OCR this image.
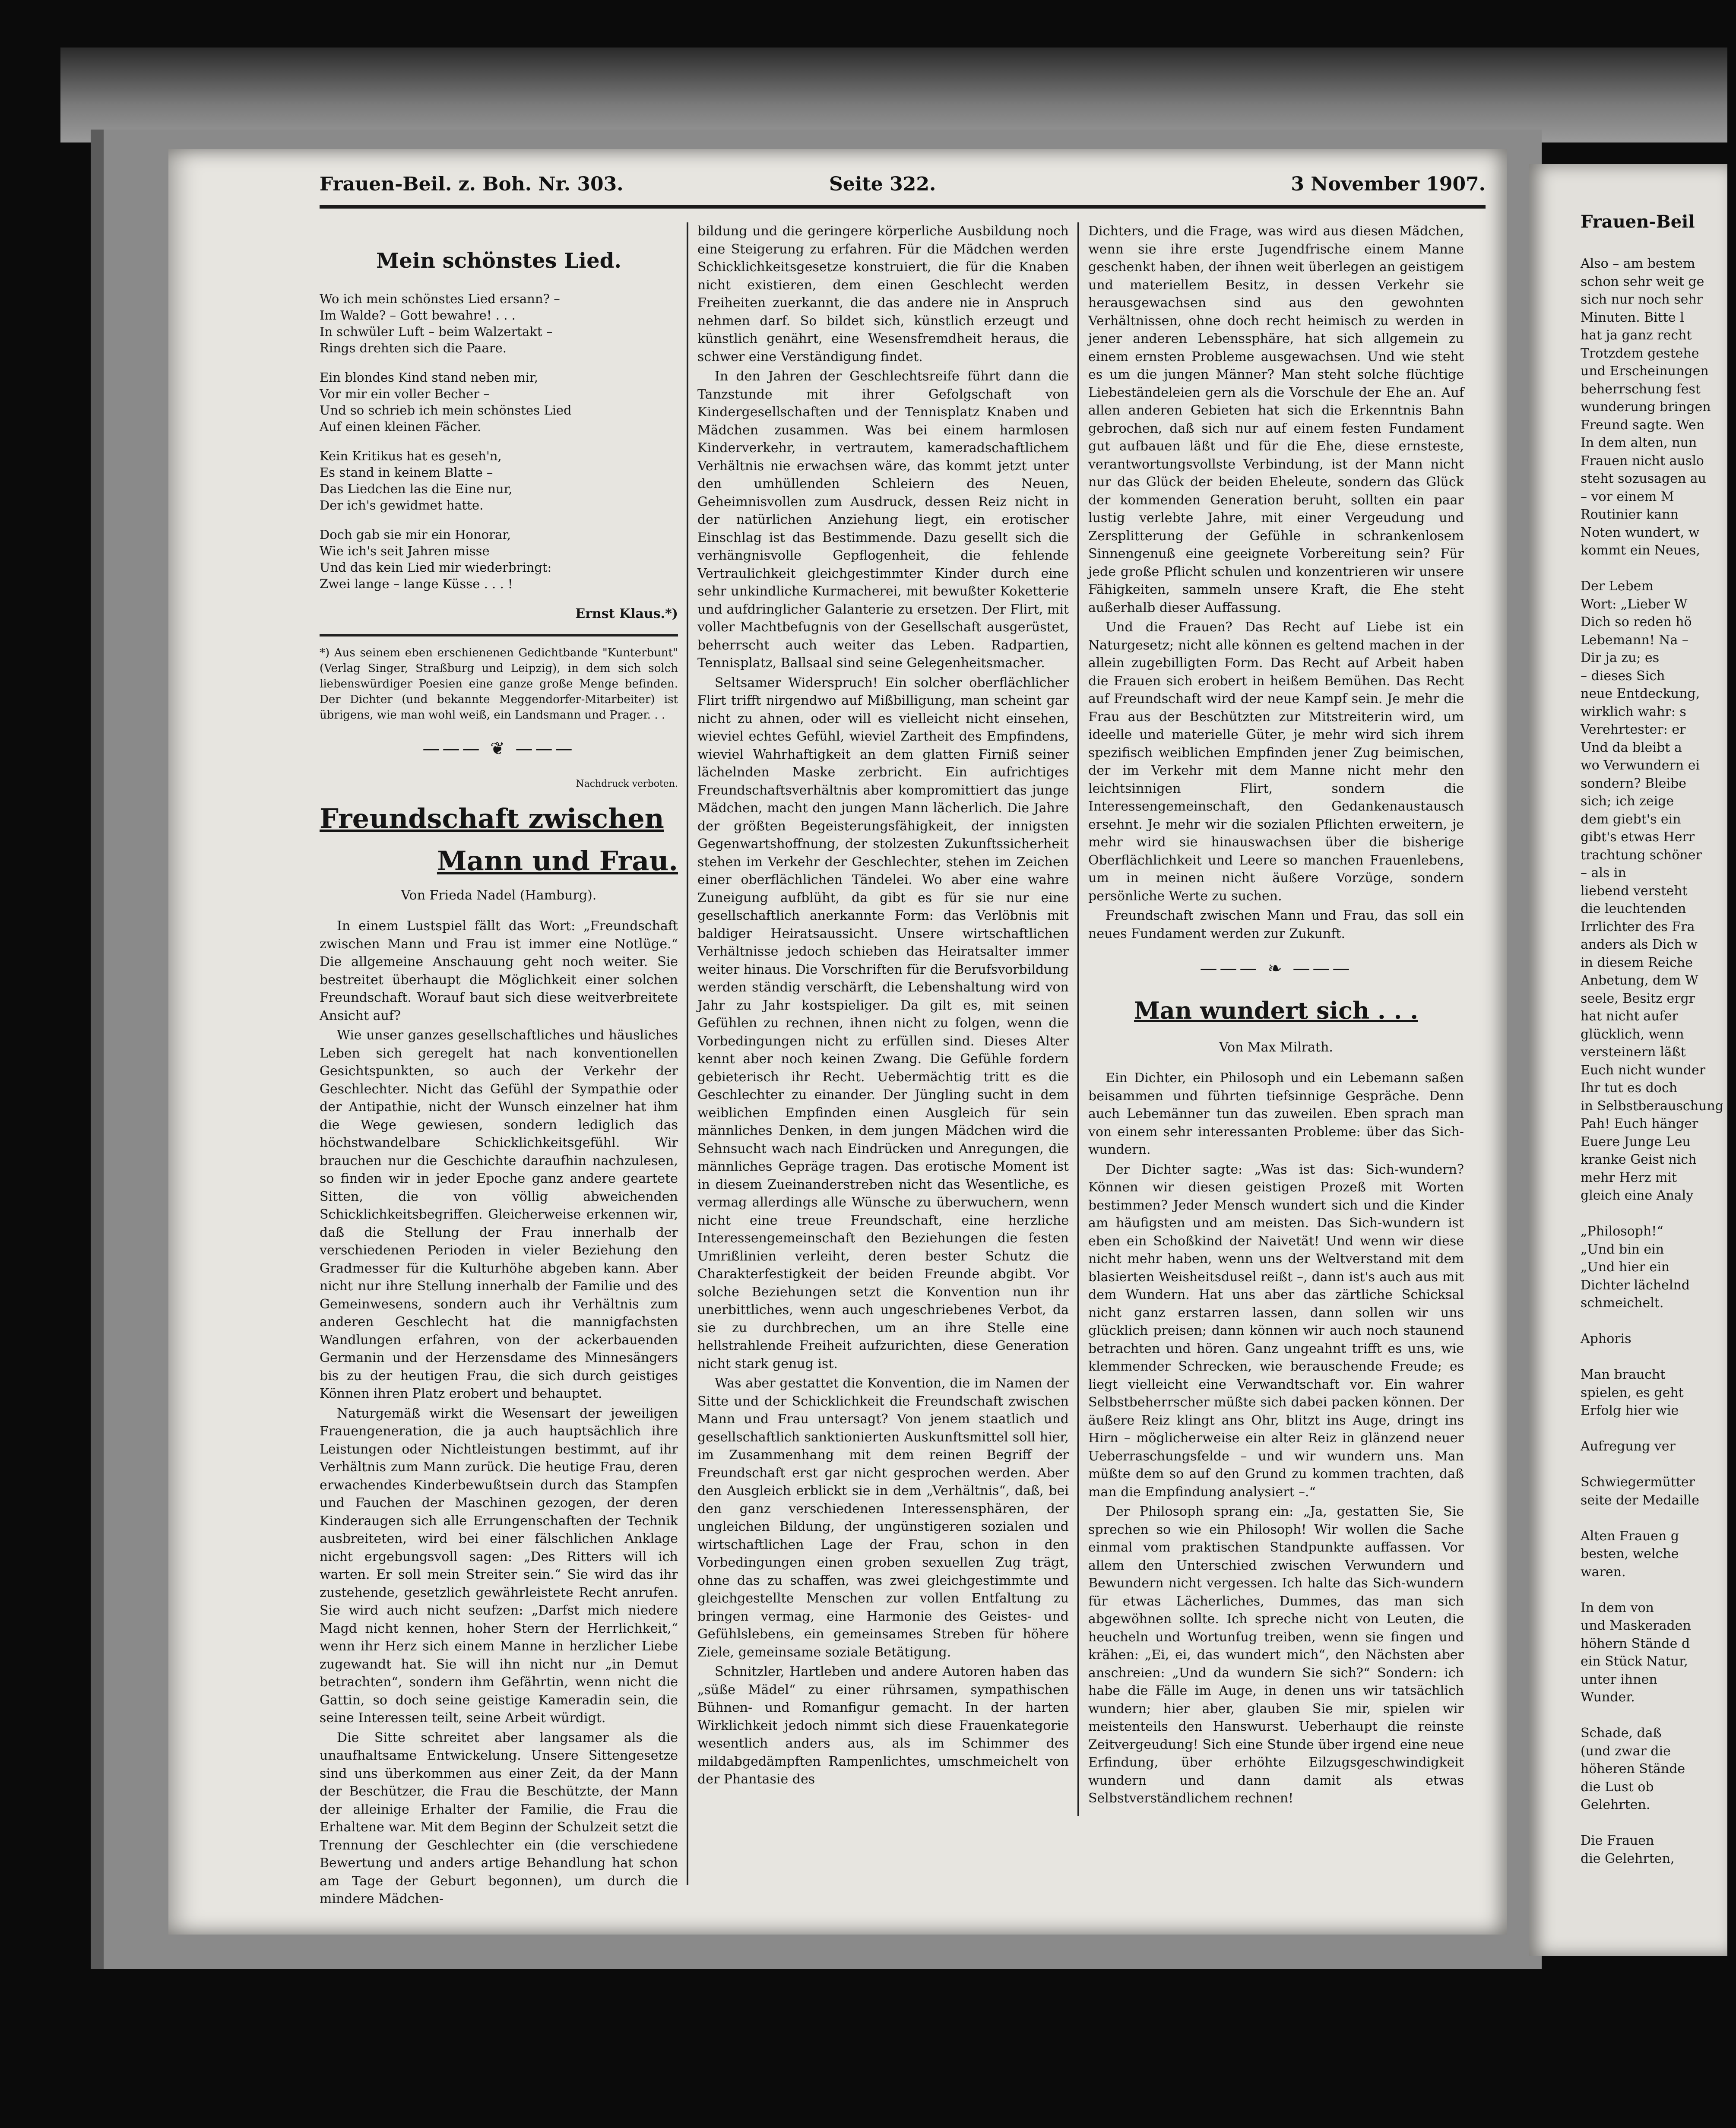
Frauen-Beil. z. Boh. Nr. 303.	Seite 322.	3 November 1907.
Mein schönstes Lied.

Wo ich mein schönstes Lied ersann? –

Im Walde? – Gott bewahre! . . .

In schwüler Luft – beim Walzertakt –

Rings drehten sich die Paare.

Ein blondes Kind stand neben mir,

Vor mir ein voller Becher –

Und so schrieb ich mein schönstes Lied

Auf einen kleinen Fächer.

Kein Kritikus hat es geseh'n,

Es stand in keinem Blatte –

Das Liedchen las die Eine nur,

Der ich's gewidmet hatte.

Doch gab sie mir ein Honorar,

Wie ich's seit Jahren misse

Und das kein Lied mir wiederbringt:

Zwei lange – lange Küsse . . . !

Ernst Klaus.*)
*) Aus seinem eben erschienenen Gedichtbande "Kunterbunt" (Verlag Singer, Straßburg und Leipzig), in dem sich solch liebenswürdiger Poesien eine ganze große Menge befinden. Der Dichter (und bekannte Meggendorfer-Mitarbeiter) ist übrigens, wie man wohl weiß, ein Landsmann und Prager. . .
——— ❦ ———
Nachdruck verboten.
Freundschaft zwischen
Mann und Frau.
Von Frieda Nadel (Hamburg).

In einem Lustspiel fällt das Wort: „Freundschaft zwischen Mann und Frau ist immer eine Notlüge.“ Die allgemeine Anschauung geht noch weiter. Sie bestreitet überhaupt die Möglichkeit einer solchen Freundschaft. Worauf baut sich diese weitverbreitete Ansicht auf?

Wie unser ganzes gesellschaftliches und häusliches Leben sich geregelt hat nach konventionellen Gesichtspunkten, so auch der Verkehr der Geschlechter. Nicht das Gefühl der Sympathie oder der Antipathie, nicht der Wunsch einzelner hat ihm die Wege gewiesen, sondern lediglich das höchstwandelbare Schicklichkeitsgefühl. Wir brauchen nur die Geschichte daraufhin nachzulesen, so finden wir in jeder Epoche ganz andere geartete Sitten, die von völlig abweichenden Schicklichkeitsbegriffen. Gleicherweise erkennen wir, daß die Stellung der Frau innerhalb der verschiedenen Perioden in vieler Beziehung den Gradmesser für die Kulturhöhe abgeben kann. Aber nicht nur ihre Stellung innerhalb der Familie und des Gemeinwesens, sondern auch ihr Verhältnis zum anderen Geschlecht hat die mannigfachsten Wandlungen erfahren, von der ackerbauenden Germanin und der Herzensdame des Minnesängers bis zu der heutigen Frau, die sich durch geistiges Können ihren Platz erobert und behauptet.

Naturgemäß wirkt die Wesensart der jeweiligen Frauengeneration, die ja auch hauptsächlich ihre Leistungen oder Nichtleistungen bestimmt, auf ihr Verhältnis zum Mann zurück. Die heutige Frau, deren erwachendes Kinderbewußtsein durch das Stampfen und Fauchen der Maschinen gezogen, der deren Kinderaugen sich alle Errungenschaften der Technik ausbreiteten, wird bei einer fälschlichen Anklage nicht ergebungsvoll sagen: „Des Ritters will ich warten. Er soll mein Streiter sein.“ Sie wird das ihr zustehende, gesetzlich gewährleistete Recht anrufen. Sie wird auch nicht seufzen: „Darfst mich niedere Magd nicht kennen, hoher Stern der Herrlichkeit,“ wenn ihr Herz sich einem Manne in herzlicher Liebe zugewandt hat. Sie will ihn nicht nur „in Demut betrachten“, sondern ihm Gefährtin, wenn nicht die Gattin, so doch seine geistige Kameradin sein, die seine Interessen teilt, seine Arbeit würdigt.

Die Sitte schreitet aber langsamer als die unaufhaltsame Entwickelung. Unsere Sittengesetze sind uns überkommen aus einer Zeit, da der Mann der Beschützer, die Frau die Beschützte, der Mann der alleinige Erhalter der Familie, die Frau die Erhaltene war. Mit dem Beginn der Schulzeit setzt die Trennung der Geschlechter ein (die verschiedene Bewertung und anders artige Behandlung hat schon am Tage der Geburt begonnen), um durch die mindere Mädchen-

bildung und die geringere körperliche Ausbildung noch eine Steigerung zu erfahren. Für die Mädchen werden Schicklichkeitsgesetze konstruiert, die für die Knaben nicht existieren, dem einen Geschlecht werden Freiheiten zuerkannt, die das andere nie in Anspruch nehmen darf. So bildet sich, künstlich erzeugt und künstlich genährt, eine Wesensfremdheit heraus, die schwer eine Verständigung findet.

In den Jahren der Geschlechtsreife führt dann die Tanzstunde mit ihrer Gefolgschaft von Kindergesellschaften und der Tennisplatz Knaben und Mädchen zusammen. Was bei einem harmlosen Kinderverkehr, in vertrautem, kameradschaftlichem Verhältnis nie erwachsen wäre, das kommt jetzt unter den umhüllenden Schleiern des Neuen, Geheimnisvollen zum Ausdruck, dessen Reiz nicht in der natürlichen Anziehung liegt, ein erotischer Einschlag ist das Bestimmende. Dazu gesellt sich die verhängnisvolle Gepflogenheit, die fehlende Vertraulichkeit gleichgestimmter Kinder durch eine sehr unkindliche Kurmacherei, mit bewußter Koketterie und aufdringlicher Galanterie zu ersetzen. Der Flirt, mit voller Machtbefugnis von der Gesellschaft ausgerüstet, beherrscht auch weiter das Leben. Radpartien, Tennisplatz, Ballsaal sind seine Gelegenheitsmacher.

Seltsamer Widerspruch! Ein solcher oberflächlicher Flirt trifft nirgendwo auf Mißbilligung, man scheint gar nicht zu ahnen, oder will es vielleicht nicht einsehen, wieviel echtes Gefühl, wieviel Zartheit des Empfindens, wieviel Wahrhaftigkeit an dem glatten Firniß seiner lächelnden Maske zerbricht. Ein aufrichtiges Freundschaftsverhältnis aber kompromittiert das junge Mädchen, macht den jungen Mann lächerlich. Die Jahre der größten Begeisterungsfähigkeit, der innigsten Gegenwartshoffnung, der stolzesten Zukunftssicherheit stehen im Verkehr der Geschlechter, stehen im Zeichen einer oberflächlichen Tändelei. Wo aber eine wahre Zuneigung aufblüht, da gibt es für sie nur eine gesellschaftlich anerkannte Form: das Verlöbnis mit baldiger Heiratsaussicht. Unsere wirtschaftlichen Verhältnisse jedoch schieben das Heiratsalter immer weiter hinaus. Die Vorschriften für die Berufsvorbildung werden ständig verschärft, die Lebenshaltung wird von Jahr zu Jahr kostspieliger. Da gilt es, mit seinen Gefühlen zu rechnen, ihnen nicht zu folgen, wenn die Vorbedingungen nicht zu erfüllen sind. Dieses Alter kennt aber noch keinen Zwang. Die Gefühle fordern gebieterisch ihr Recht. Uebermächtig tritt es die Geschlechter zu einander. Der Jüngling sucht in dem weiblichen Empfinden einen Ausgleich für sein männliches Denken, in dem jungen Mädchen wird die Sehnsucht wach nach Eindrücken und Anregungen, die männliches Gepräge tragen. Das erotische Moment ist in diesem Zueinanderstreben nicht das Wesentliche, es vermag allerdings alle Wünsche zu überwuchern, wenn nicht eine treue Freundschaft, eine herzliche Interessengemeinschaft den Beziehungen die festen Umrißlinien verleiht, deren bester Schutz die Charakterfestigkeit der beiden Freunde abgibt. Vor solche Beziehungen setzt die Konvention nun ihr unerbittliches, wenn auch ungeschriebenes Verbot, da sie zu durchbrechen, um an ihre Stelle eine hellstrahlende Freiheit aufzurichten, diese Generation nicht stark genug ist.

Was aber gestattet die Konvention, die im Namen der Sitte und der Schicklichkeit die Freundschaft zwischen Mann und Frau untersagt? Von jenem staatlich und gesellschaftlich sanktionierten Auskunftsmittel soll hier, im Zusammenhang mit dem reinen Begriff der Freundschaft erst gar nicht gesprochen werden. Aber den Ausgleich erblickt sie in dem „Verhältnis“, daß, bei den ganz verschiedenen Interessensphären, der ungleichen Bildung, der ungünstigeren sozialen und wirtschaftlichen Lage der Frau, schon in den Vorbedingungen einen groben sexuellen Zug trägt, ohne das zu schaffen, was zwei gleichgestimmte und gleichgestellte Menschen zur vollen Entfaltung zu bringen vermag, eine Harmonie des Geistes- und Gefühlslebens, ein gemeinsames Streben für höhere Ziele, gemeinsame soziale Betätigung.

Schnitzler, Hartleben und andere Autoren haben das „süße Mädel“ zu einer rührsamen, sympathischen Bühnen- und Romanfigur gemacht. In der harten Wirklichkeit jedoch nimmt sich diese Frauenkategorie wesentlich anders aus, als im Schimmer des mildabgedämpften Rampenlichtes, umschmeichelt von der Phantasie des

Dichters, und die Frage, was wird aus diesen Mädchen, wenn sie ihre erste Jugendfrische einem Manne geschenkt haben, der ihnen weit überlegen an geistigem und materiellem Besitz, in dessen Verkehr sie herausgewachsen sind aus den gewohnten Verhältnissen, ohne doch recht heimisch zu werden in jener anderen Lebenssphäre, hat sich allgemein zu einem ernsten Probleme ausgewachsen. Und wie steht es um die jungen Männer? Man steht solche flüchtige Liebeständeleien gern als die Vorschule der Ehe an. Auf allen anderen Gebieten hat sich die Erkenntnis Bahn gebrochen, daß sich nur auf einem festen Fundament gut aufbauen läßt und für die Ehe, diese ernsteste, verantwortungsvollste Verbindung, ist der Mann nicht nur das Glück der beiden Eheleute, sondern das Glück der kommenden Generation beruht, sollten ein paar lustig verlebte Jahre, mit einer Vergeudung und Zersplitterung der Gefühle in schrankenlosem Sinnengenuß eine geeignete Vorbereitung sein? Für jede große Pflicht schulen und konzentrieren wir unsere Fähigkeiten, sammeln unsere Kraft, die Ehe steht außerhalb dieser Auffassung.

Und die Frauen? Das Recht auf Liebe ist ein Naturgesetz; nicht alle können es geltend machen in der allein zugebilligten Form. Das Recht auf Arbeit haben die Frauen sich erobert in heißem Bemühen. Das Recht auf Freundschaft wird der neue Kampf sein. Je mehr die Frau aus der Beschützten zur Mitstreiterin wird, um ideelle und materielle Güter, je mehr wird sich ihrem spezifisch weiblichen Empfinden jener Zug beimischen, der im Verkehr mit dem Manne nicht mehr den leichtsinnigen Flirt, sondern die Interessengemeinschaft, den Gedankenaustausch ersehnt. Je mehr wir die sozialen Pflichten erweitern, je mehr wird sie hinauswachsen über die bisherige Oberflächlichkeit und Leere so manchen Frauenlebens, um in meinen nicht äußere Vorzüge, sondern persönliche Werte zu suchen.

Freundschaft zwischen Mann und Frau, das soll ein neues Fundament werden zur Zukunft.

——— ❧ ———
Man wundert sich . . .
Von Max Milrath.

Ein Dichter, ein Philosoph und ein Lebemann saßen beisammen und führten tiefsinnige Gespräche. Denn auch Lebemänner tun das zuweilen. Eben sprach man von einem sehr interessanten Probleme: über das Sich-wundern.

Der Dichter sagte: „Was ist das: Sich-wundern? Können wir diesen geistigen Prozeß mit Worten bestimmen? Jeder Mensch wundert sich und die Kinder am häufigsten und am meisten. Das Sich-wundern ist eben ein Schoßkind der Naivetät! Und wenn wir diese nicht mehr haben, wenn uns der Weltverstand mit dem blasierten Weisheitsdusel reißt –, dann ist's auch aus mit dem Wundern. Hat uns aber das zärtliche Schicksal nicht ganz erstarren lassen, dann sollen wir uns glücklich preisen; dann können wir auch noch staunend betrachten und hören. Ganz ungeahnt trifft es uns, wie klemmender Schrecken, wie berauschende Freude; es liegt vielleicht eine Verwandtschaft vor. Ein wahrer Selbstbeherrscher müßte sich dabei packen können. Der äußere Reiz klingt ans Ohr, blitzt ins Auge, dringt ins Hirn – möglicherweise ein alter Reiz in glänzend neuer Ueberraschungsfelde – und wir wundern uns. Man müßte dem so auf den Grund zu kommen trachten, daß man die Empfindung analysiert –.“

Der Philosoph sprang ein: „Ja, gestatten Sie, Sie sprechen so wie ein Philosoph! Wir wollen die Sache einmal vom praktischen Standpunkte auffassen. Vor allem den Unterschied zwischen Verwundern und Bewundern nicht vergessen. Ich halte das Sich-wundern für etwas Lächerliches, Dummes, das man sich abgewöhnen sollte. Ich spreche nicht von Leuten, die heucheln und Wortunfug treiben, wenn sie fingen und krähen: „Ei, ei, das wundert mich“, den Nächsten aber anschreien: „Und da wundern Sie sich?“ Sondern: ich habe die Fälle im Auge, in denen uns wir tatsächlich wundern; hier aber, glauben Sie mir, spielen wir meistenteils den Hanswurst. Ueberhaupt die reinste Zeitvergeudung! Sich eine Stunde über irgend eine neue Erfindung, über erhöhte Eilzugsgeschwindigkeit wundern und dann damit als etwas Selbstverständlichem rechnen!

Frauen-Beil
Also – am bestem
schon sehr weit ge
sich nur noch sehr
Minuten. Bitte l
hat ja ganz recht
Trotzdem gestehe
und Erscheinungen
beherrschung fest
wunderung bringen
Freund sagte. Wen
In dem alten, nun
Frauen nicht auslo
steht sozusagen au
– vor einem M
Routinier kann
Noten wundert, w
kommt ein Neues,

Der Lebem
Wort: „Lieber W
Dich so reden hö
Lebemann! Na –
Dir ja zu; es
– dieses Sich
neue Entdeckung,
wirklich wahr: s
Verehrtester: er
Und da bleibt a
wo Verwundern ei
sondern? Bleibe
sich; ich zeige
dem giebt's ein
gibt's etwas Herr
trachtung schöner
– als in
liebend versteht
die leuchtenden
Irrlichter des Fra
anders als Dich w
in diesem Reiche
Anbetung, dem W
seele, Besitz ergr
hat nicht aufer
glücklich, wenn
versteinern läßt
Euch nicht wunder
Ihr tut es doch
in Selbstberauschung
Pah! Euch hänger
Euere Junge Leu
kranke Geist nich
mehr Herz mit
gleich eine Analy

„Philosoph!“
„Und bin ein
„Und hier ein
Dichter lächelnd
schmeichelt.

Aphoris

Man braucht
spielen, es geht
Erfolg hier wie

Aufregung ver

Schwiegermütter
seite der Medaille

Alten Frauen g
besten, welche
waren.

In dem von
und Maskeraden
höhern Stände d
ein Stück Natur,
unter ihnen
Wunder.

Schade, daß
(und zwar die
höheren Stände
die Lust ob
Gelehrten.

Die Frauen
die Gelehrten,
